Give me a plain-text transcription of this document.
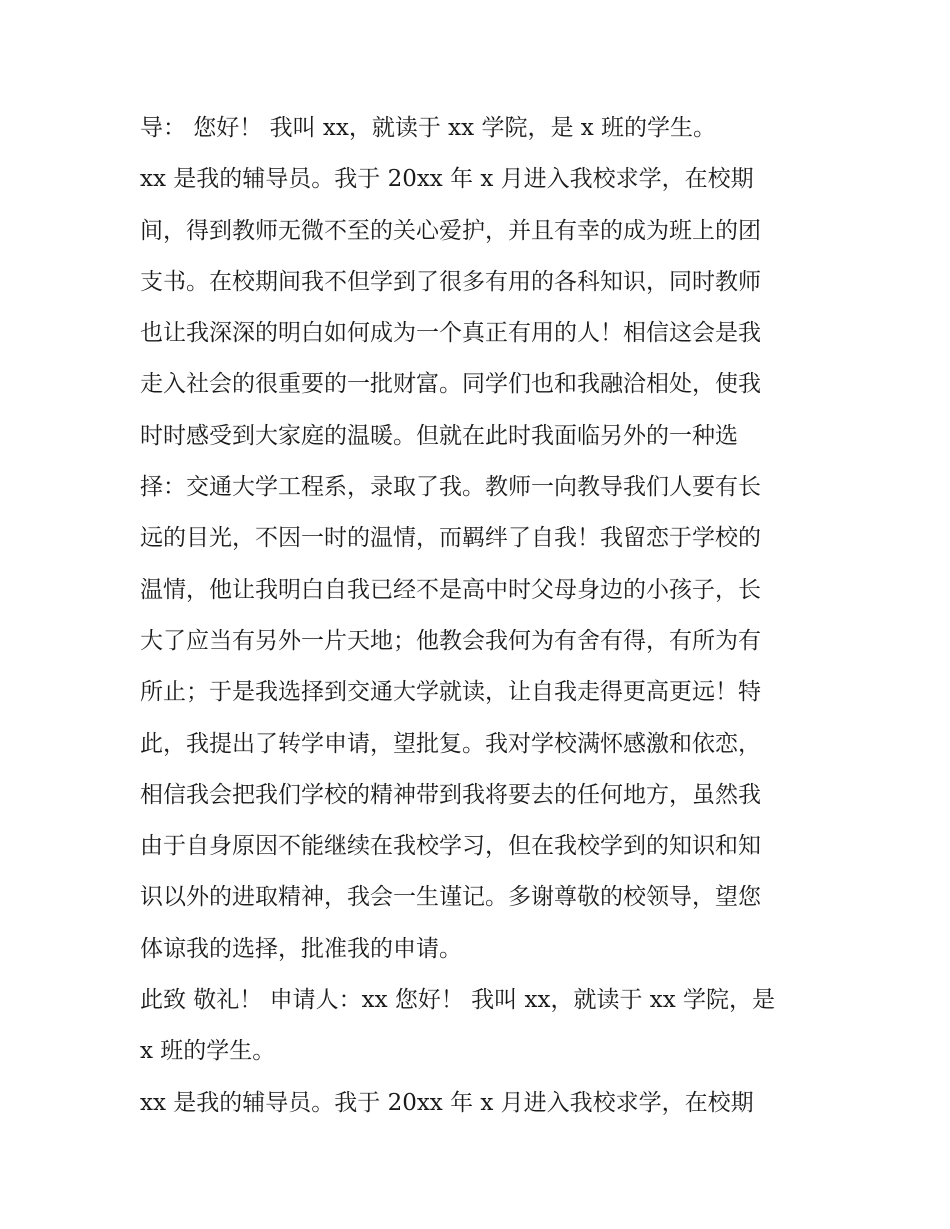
导： 您好！ 我叫 xx，就读于 xx 学院，是 x 班的学生。
xx 是我的辅导员。我于 20xx 年 x 月进入我校求学，在校期
间，得到教师无微不至的关心爱护，并且有幸的成为班上的团
支书。在校期间我不但学到了很多有用的各科知识，同时教师
也让我深深的明白如何成为一个真正有用的人！相信这会是我
走入社会的很重要的一批财富。同学们也和我融洽相处，使我
时时感受到大家庭的温暖。但就在此时我面临另外的一种选
择：交通大学工程系，录取了我。教师一向教导我们人要有长
远的目光，不因一时的温情，而羁绊了自我！我留恋于学校的
温情，他让我明白自我已经不是高中时父母身边的小孩子，长
大了应当有另外一片天地；他教会我何为有舍有得，有所为有
所止；于是我选择到交通大学就读，让自我走得更高更远！特
此，我提出了转学申请，望批复。我对学校满怀感激和依恋，
相信我会把我们学校的精神带到我将要去的任何地方，虽然我
由于自身原因不能继续在我校学习，但在我校学到的知识和知
识以外的进取精神，我会一生谨记。多谢尊敬的校领导，望您
体谅我的选择，批准我的申请。
此致 敬礼！ 申请人：xx 您好！ 我叫 xx，就读于 xx 学院，是
x 班的学生。
xx 是我的辅导员。我于 20xx 年 x 月进入我校求学，在校期
